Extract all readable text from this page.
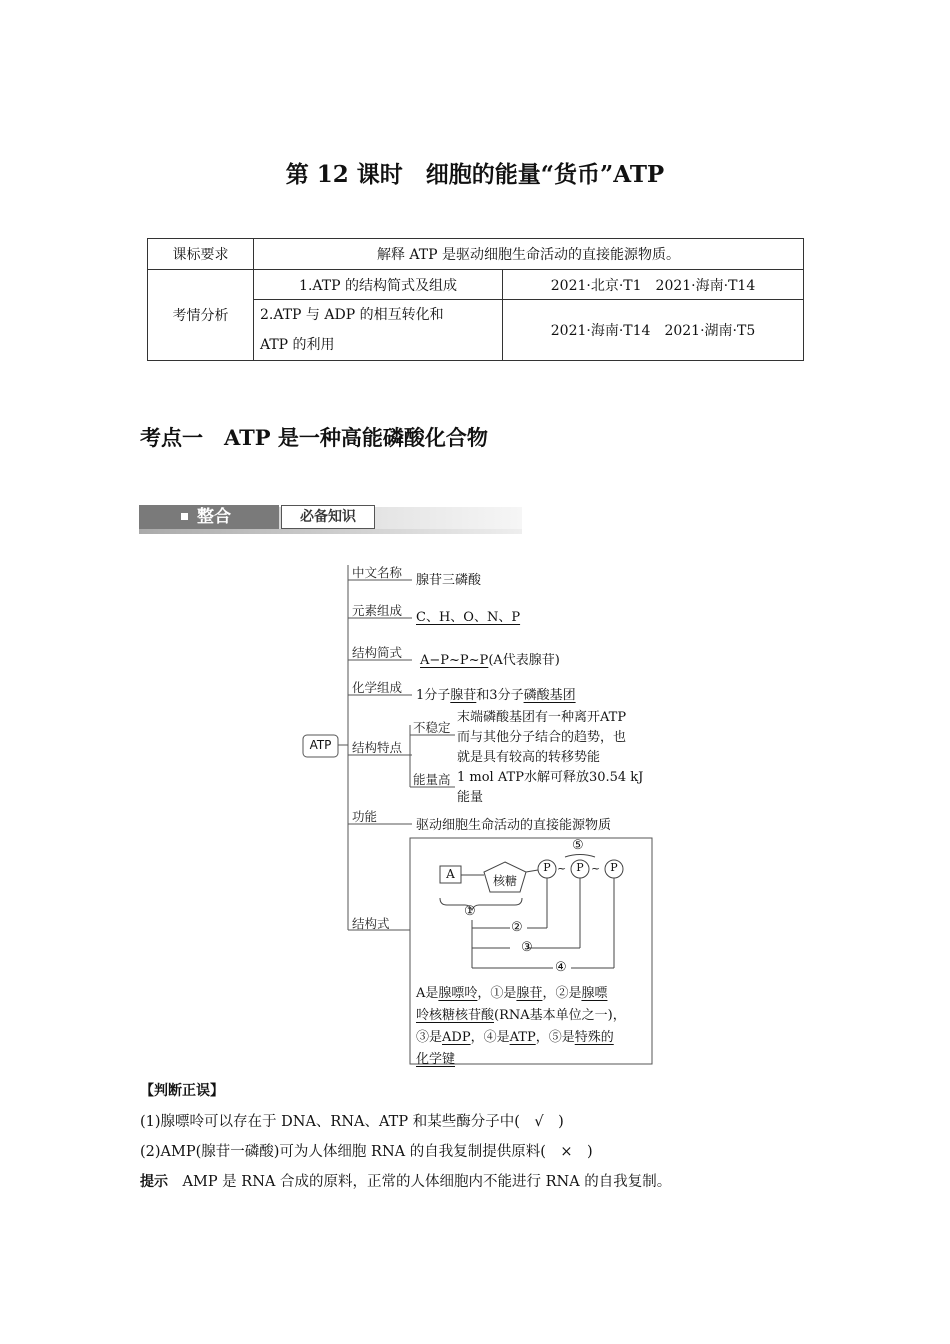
第 12 课时　细胞的能量“货币”ATP
课标要求	解释 ATP 是驱动细胞生命活动的直接能源物质。	
考情分析	1.ATP 的结构简式及组成	2021·北京·T1　2021·海南·T14

	2.ATP 与 ADP 的相互转化和
ATP 的利用	2021·海南·T14　2021·湖南·T5
考点一　ATP 是一种高能磷酸化合物
整合	必备知识
ATP
中文名称
腺苷三磷酸
元素组成 C、H、O、N、P
结构简式
A−P~P~P(A代表腺苷)
化学组成
1分子腺苷和3分子磷酸基团
结构特点
不稳定
末端磷酸基团有一种离开ATP
而与其他分子结合的趋势，也
就是具有较高的转移势能
能量高 1 mol ATP水解可释放30.54 kJ
能量
功能
驱动细胞生命活动的直接能源物质
结构式
A	核糖
P	P	P
~ ~
⑤
①
②
③
④
A是腺嘌呤，①是腺苷，②是腺嘌
呤核糖核苷酸(RNA基本单位之一)，
③是ADP，④是ATP，⑤是特殊的
化学键
【判断正误】
(1)腺嘌呤可以存在于 DNA、RNA、ATP 和某些酶分子中(　√　)
(2)AMP(腺苷一磷酸)可为人体细胞 RNA 的自我复制提供原料(　×　)
提示　 AMP 是 RNA 合成的原料，正常的人体细胞内不能进行 RNA 的自我复制。
